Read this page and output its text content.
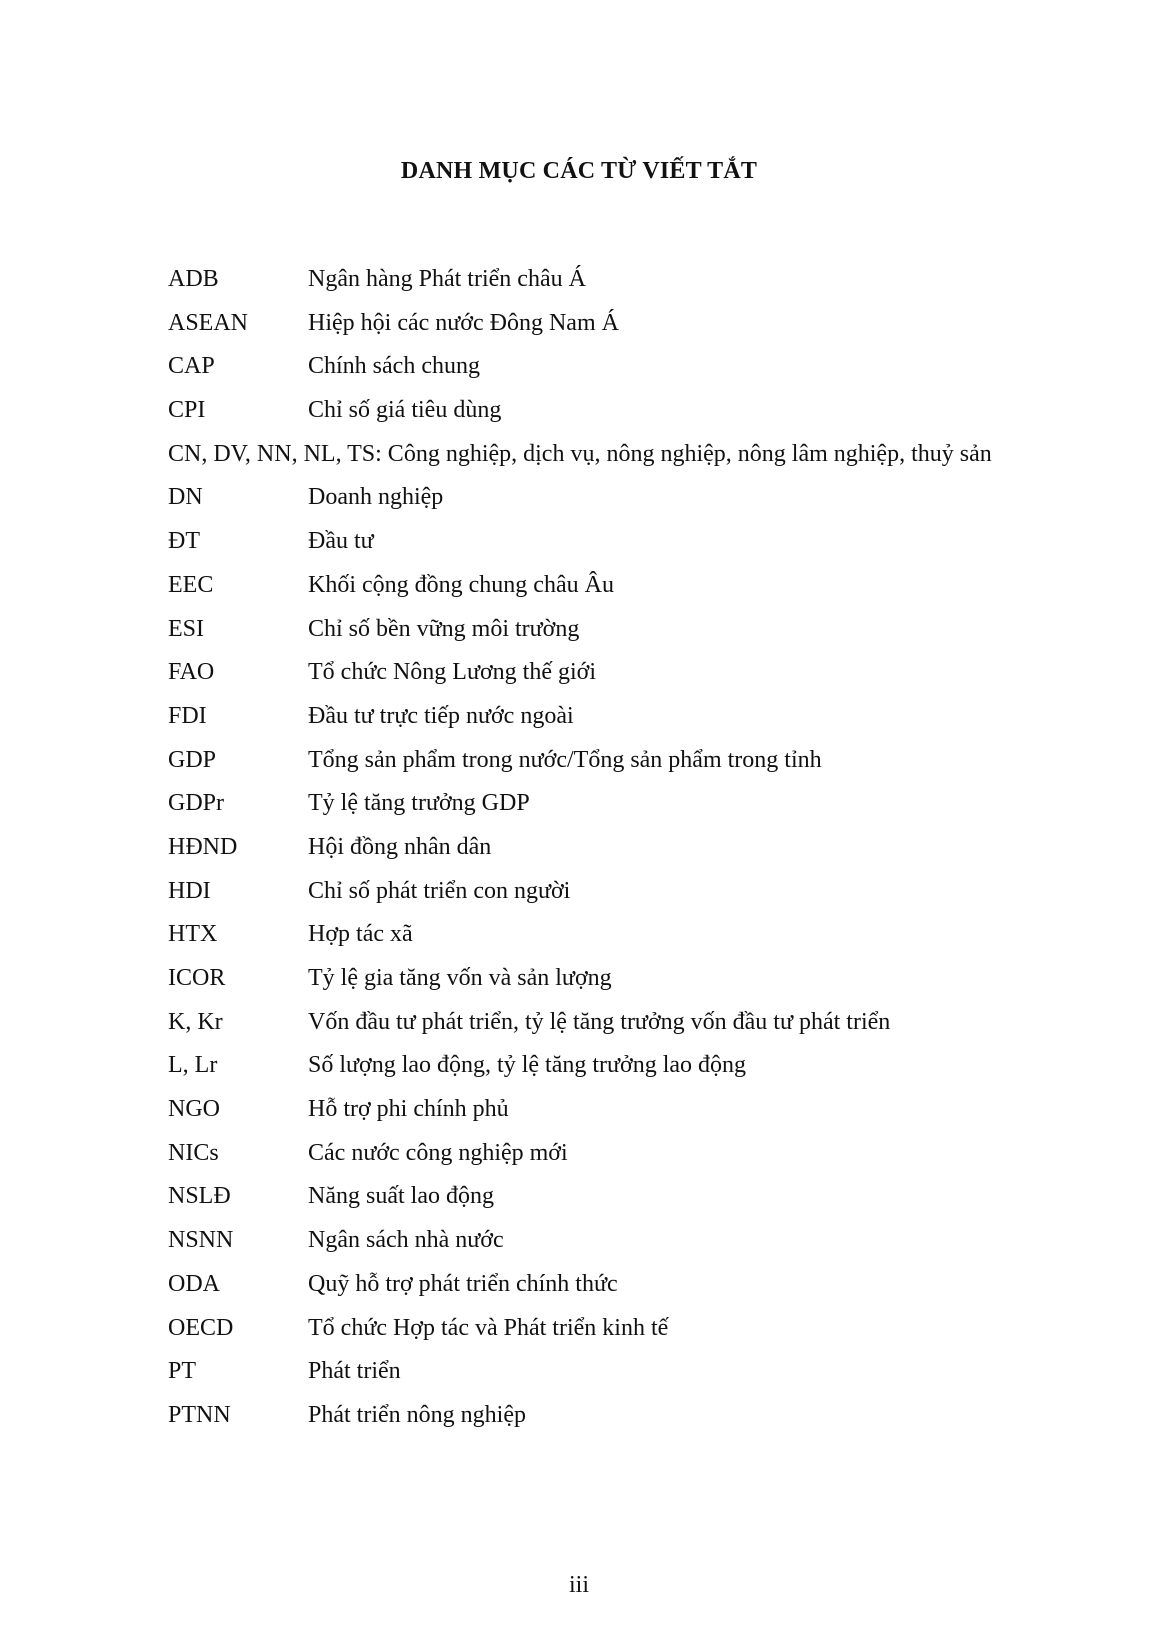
DANH MỤC CÁC TỪ VIẾT TẮT
ADB	Ngân hàng Phát triển châu Á
ASEAN	Hiệp hội các nước Đông Nam Á
CAP	Chính sách chung
CPI	Chỉ số giá tiêu dùng
CN, DV, NN, NL, TS: Công nghiệp, dịch vụ, nông nghiệp, nông lâm nghiệp, thuỷ sản
DN	Doanh nghiệp
ĐT	Đầu tư
EEC	Khối cộng đồng chung châu Âu
ESI	Chỉ số bền vững môi trường
FAO	Tổ chức Nông Lương thế giới
FDI	Đầu tư trực tiếp nước ngoài
GDP	Tổng sản phẩm trong nước/Tổng sản phẩm trong tỉnh
GDPr	Tỷ lệ tăng trưởng GDP
HĐND	Hội đồng nhân dân
HDI	Chỉ số phát triển con người
HTX	Hợp tác xã
ICOR	Tỷ lệ gia tăng vốn và sản lượng
K, Kr	Vốn đầu tư phát triển, tỷ lệ tăng trưởng vốn đầu tư phát triển
L, Lr	Số lượng lao động, tỷ lệ tăng trưởng lao động
NGO	Hỗ trợ phi chính phủ
NICs	Các nước công nghiệp mới
NSLĐ	Năng suất lao động
NSNN	Ngân sách nhà nước
ODA	Quỹ hỗ trợ phát triển chính thức
OECD	Tổ chức Hợp tác và Phát triển kinh tế
PT	Phát triển
PTNN	Phát triển nông nghiệp
iii
